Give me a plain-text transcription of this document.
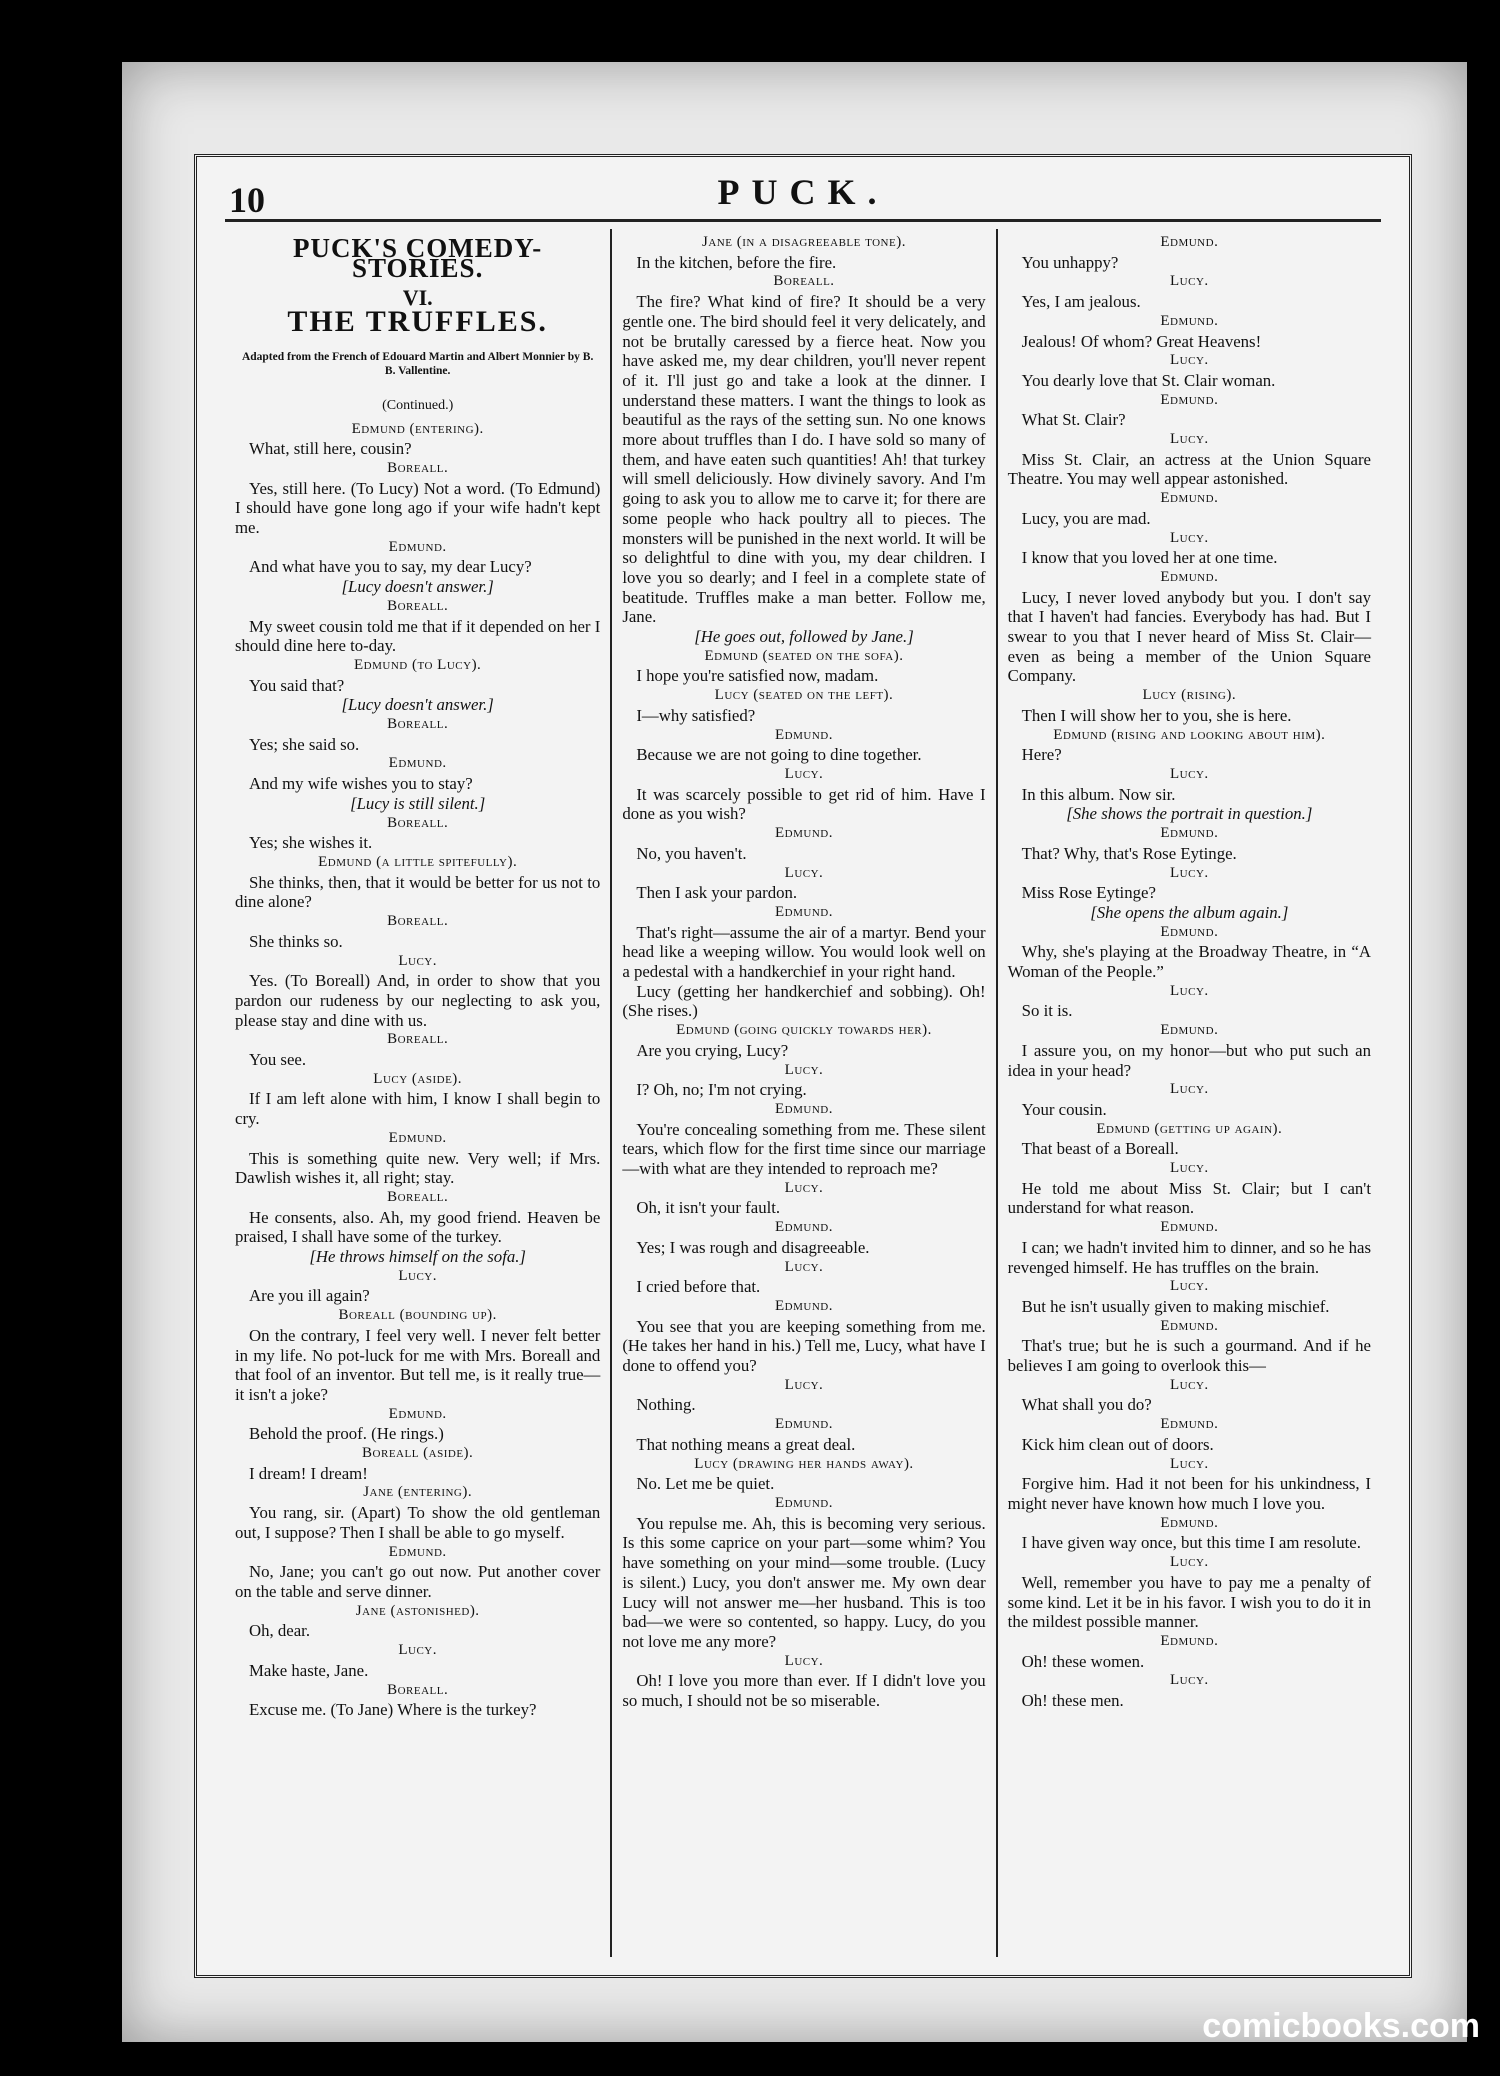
10	PUCK.
PUCK'S COMEDY-STORIES.
VI.
THE TRUFFLES.
Adapted from the French of Edouard Martin and Albert Monnier by B. B. Vallentine.
(Continued.)

Edmund (entering).

What, still here, cousin?

Boreall.

Yes, still here. (To Lucy) Not a word. (To Edmund) I should have gone long ago if your wife hadn't kept me.

Edmund.

And what have you to say, my dear Lucy?

[Lucy doesn't answer.]

Boreall.

My sweet cousin told me that if it depended on her I should dine here to-day.

Edmund (to Lucy).

You said that?

[Lucy doesn't answer.]

Boreall.

Yes; she said so.

Edmund.

And my wife wishes you to stay?

[Lucy is still silent.]

Boreall.

Yes; she wishes it.

Edmund (a little spitefully).

She thinks, then, that it would be better for us not to dine alone?

Boreall.

She thinks so.

Lucy.

Yes. (To Boreall) And, in order to show that you pardon our rudeness by our neglecting to ask you, please stay and dine with us.

Boreall.

You see.

Lucy (aside).

If I am left alone with him, I know I shall begin to cry.

Edmund.

This is something quite new. Very well; if Mrs. Dawlish wishes it, all right; stay.

Boreall.

He consents, also. Ah, my good friend. Heaven be praised, I shall have some of the turkey.

[He throws himself on the sofa.]

Lucy.

Are you ill again?

Boreall (bounding up).

On the contrary, I feel very well. I never felt better in my life. No pot-luck for me with Mrs. Boreall and that fool of an inventor. But tell me, is it really true—it isn't a joke?

Edmund.

Behold the proof. (He rings.)

Boreall (aside).

I dream! I dream!

Jane (entering).

You rang, sir. (Apart) To show the old gentleman out, I suppose? Then I shall be able to go myself.

Edmund.

No, Jane; you can't go out now. Put another cover on the table and serve dinner.

Jane (astonished).

Oh, dear.

Lucy.

Make haste, Jane.

Boreall.

Excuse me. (To Jane) Where is the turkey?

Jane (in a disagreeable tone).

In the kitchen, before the fire.

Boreall.

The fire? What kind of fire? It should be a very gentle one. The bird should feel it very delicately, and not be brutally caressed by a fierce heat. Now you have asked me, my dear children, you'll never repent of it. I'll just go and take a look at the dinner. I understand these matters. I want the things to look as beautiful as the rays of the setting sun. No one knows more about truffles than I do. I have sold so many of them, and have eaten such quantities! Ah! that turkey will smell deliciously. How divinely savory. And I'm going to ask you to allow me to carve it; for there are some people who hack poultry all to pieces. The monsters will be punished in the next world. It will be so delightful to dine with you, my dear children. I love you so dearly; and I feel in a complete state of beatitude. Truffles make a man better. Follow me, Jane.

[He goes out, followed by Jane.]

Edmund (seated on the sofa).

I hope you're satisfied now, madam.

Lucy (seated on the left).

I—why satisfied?

Edmund.

Because we are not going to dine together.

Lucy.

It was scarcely possible to get rid of him. Have I done as you wish?

Edmund.

No, you haven't.

Lucy.

Then I ask your pardon.

Edmund.

That's right—assume the air of a martyr. Bend your head like a weeping willow. You would look well on a pedestal with a handkerchief in your right hand.

Lucy (getting her handkerchief and sobbing). Oh! (She rises.)

Edmund (going quickly towards her).

Are you crying, Lucy?

Lucy.

I? Oh, no; I'm not crying.

Edmund.

You're concealing something from me. These silent tears, which flow for the first time since our marriage—with what are they intended to reproach me?

Lucy.

Oh, it isn't your fault.

Edmund.

Yes; I was rough and disagreeable.

Lucy.

I cried before that.

Edmund.

You see that you are keeping something from me. (He takes her hand in his.) Tell me, Lucy, what have I done to offend you?

Lucy.

Nothing.

Edmund.

That nothing means a great deal.

Lucy (drawing her hands away).

No. Let me be quiet.

Edmund.

You repulse me. Ah, this is becoming very serious. Is this some caprice on your part—some whim? You have something on your mind—some trouble. (Lucy is silent.) Lucy, you don't answer me. My own dear Lucy will not answer me—her husband. This is too bad—we were so contented, so happy. Lucy, do you not love me any more?

Lucy.

Oh! I love you more than ever. If I didn't love you so much, I should not be so miserable.

Edmund.

You unhappy?

Lucy.

Yes, I am jealous.

Edmund.

Jealous! Of whom? Great Heavens!

Lucy.

You dearly love that St. Clair woman.

Edmund.

What St. Clair?

Lucy.

Miss St. Clair, an actress at the Union Square Theatre. You may well appear astonished.

Edmund.

Lucy, you are mad.

Lucy.

I know that you loved her at one time.

Edmund.

Lucy, I never loved anybody but you. I don't say that I haven't had fancies. Everybody has had. But I swear to you that I never heard of Miss St. Clair—even as being a member of the Union Square Company.

Lucy (rising).

Then I will show her to you, she is here.

Edmund (rising and looking about him).

Here?

Lucy.

In this album. Now sir.

[She shows the portrait in question.]

Edmund.

That? Why, that's Rose Eytinge.

Lucy.

Miss Rose Eytinge?

[She opens the album again.]

Edmund.

Why, she's playing at the Broadway Theatre, in “A Woman of the People.”

Lucy.

So it is.

Edmund.

I assure you, on my honor—but who put such an idea in your head?

Lucy.

Your cousin.

Edmund (getting up again).

That beast of a Boreall.

Lucy.

He told me about Miss St. Clair; but I can't understand for what reason.

Edmund.

I can; we hadn't invited him to dinner, and so he has revenged himself. He has truffles on the brain.

Lucy.

But he isn't usually given to making mischief.

Edmund.

That's true; but he is such a gourmand. And if he believes I am going to overlook this—

Lucy.

What shall you do?

Edmund.

Kick him clean out of doors.

Lucy.

Forgive him. Had it not been for his unkindness, I might never have known how much I love you.

Edmund.

I have given way once, but this time I am resolute.

Lucy.

Well, remember you have to pay me a penalty of some kind. Let it be in his favor. I wish you to do it in the mildest possible manner.

Edmund.

Oh! these women.

Lucy.

Oh! these men.

comicbooks.com
